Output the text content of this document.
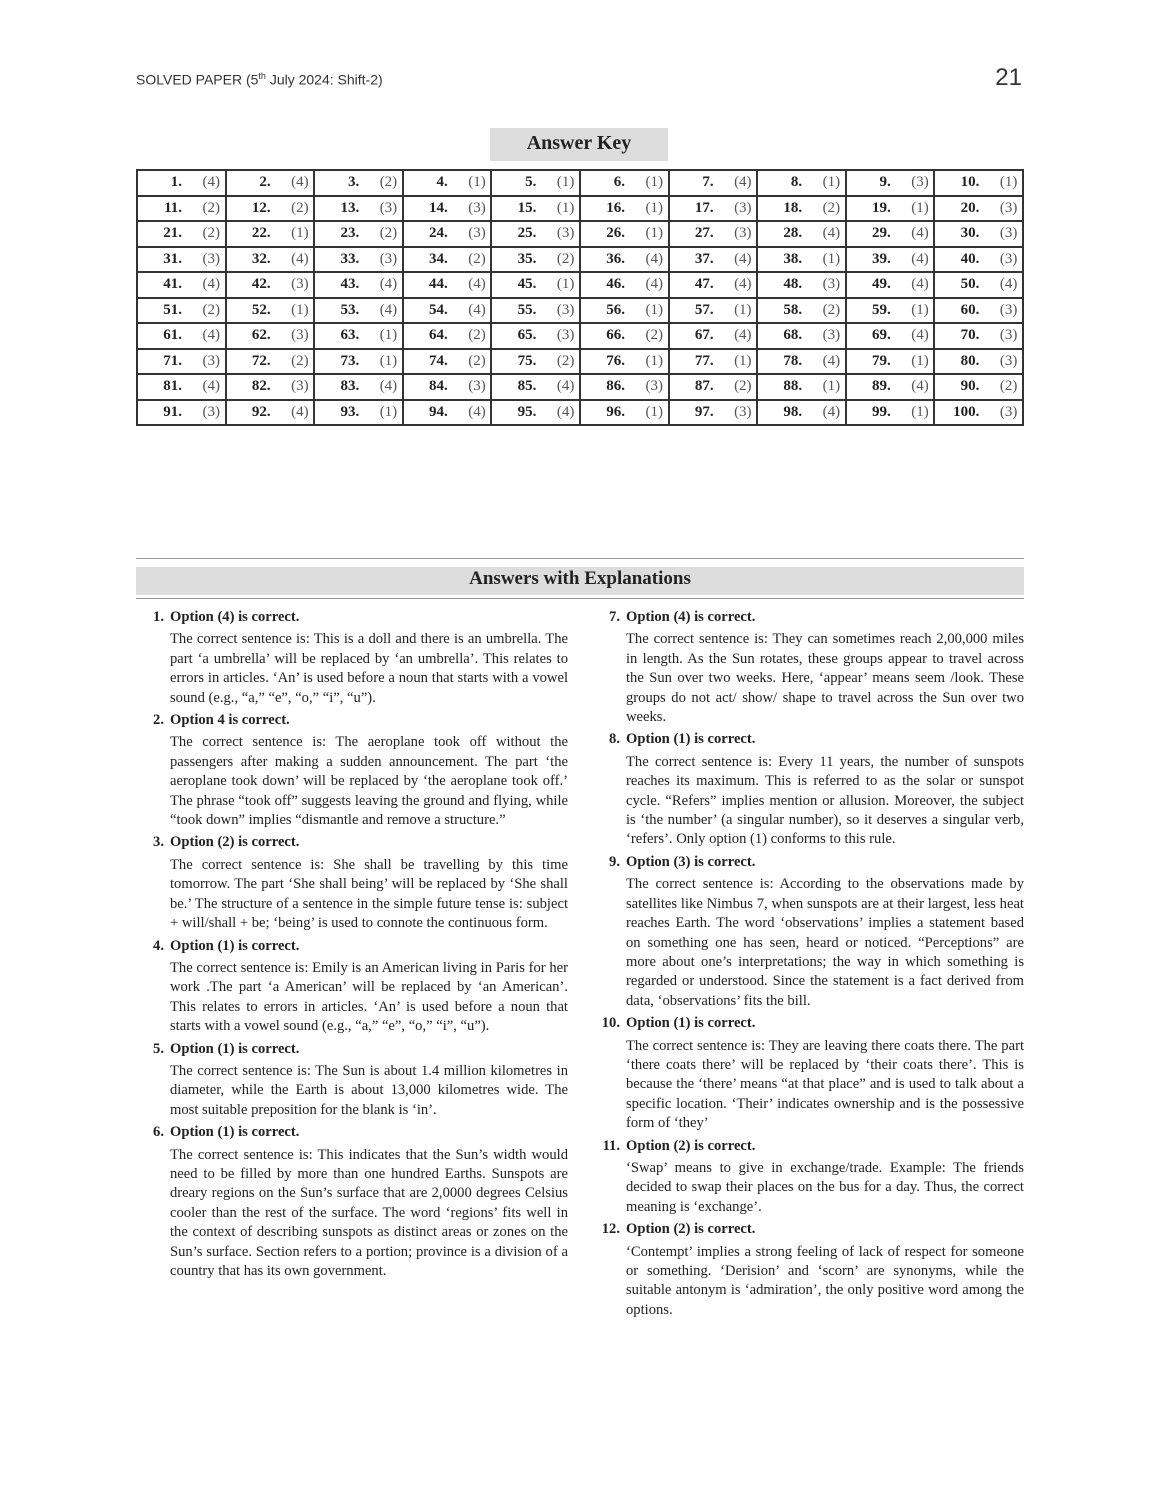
SOLVED PAPER (5th July 2024: Shift-2)	21
Answer Key
1. (4)	2. (4)	3. (2)	4. (1)	5. (1)	6. (1)	7. (4)	8. (1)	9. (3)	10. (1)
11. (2)	12. (2)	13. (3)	14. (3)	15. (1)	16. (1)	17. (3)	18. (2)	19. (1)	20. (3)
21. (2)	22. (1)	23. (2)	24. (3)	25. (3)	26. (1)	27. (3)	28. (4)	29. (4)	30. (3)
31. (3)	32. (4)	33. (3)	34. (2)	35. (2)	36. (4)	37. (4)	38. (1)	39. (4)	40. (3)
41. (4)	42. (3)	43. (4)	44. (4)	45. (1)	46. (4)	47. (4)	48. (3)	49. (4)	50. (4)
51. (2)	52. (1)	53. (4)	54. (4)	55. (3)	56. (1)	57. (1)	58. (2)	59. (1)	60. (3)
61. (4)	62. (3)	63. (1)	64. (2)	65. (3)	66. (2)	67. (4)	68. (3)	69. (4)	70. (3)
71. (3)	72. (2)	73. (1)	74. (2)	75. (2)	76. (1)	77. (1)	78. (4)	79. (1)	80. (3)
81. (4)	82. (3)	83. (4)	84. (3)	85. (4)	86. (3)	87. (2)	88. (1)	89. (4)	90. (2)
91. (3)	92. (4)	93. (1)	94. (4)	95. (4)	96. (1)	97. (3)	98. (4)	99. (1)	100. (3)
Answers with Explanations
1. Option (4) is correct.

The correct sentence is: This is a doll and there is an umbrella. The part ‘a umbrella’ will be replaced by ‘an umbrella’. This relates to errors in articles. ‘An’ is used before a noun that starts with a vowel sound (e.g., “a,” “e”, “o,” “i”, “u”).

2. Option 4 is correct.

The correct sentence is: The aeroplane took off without the passengers after making a sudden announcement. The part ‘the aeroplane took down’ will be replaced by ‘the aeroplane took off.’ The phrase “took off” suggests leaving the ground and flying, while “took down” implies “dismantle and remove a structure.”

3. Option (2) is correct.

The correct sentence is: She shall be travelling by this time tomorrow. The part ‘She shall being’ will be replaced by ‘She shall be.’ The structure of a sentence in the simple future tense is: subject + will/shall + be; ‘being’ is used to connote the continuous form.

4. Option (1) is correct.

The correct sentence is: Emily is an American living in Paris for her work .The part ‘a American’ will be replaced by ‘an American’. This relates to errors in articles. ‘An’ is used before a noun that starts with a vowel sound (e.g., “a,” “e”, “o,” “i”, “u”).

5. Option (1) is correct.

The correct sentence is: The Sun is about 1.4 million kilometres in diameter, while the Earth is about 13,000 kilometres wide. The most suitable preposition for the blank is ‘in’.

6. Option (1) is correct.

The correct sentence is: This indicates that the Sun’s width would need to be filled by more than one hundred Earths. Sunspots are dreary regions on the Sun’s surface that are 2,0000 degrees Celsius cooler than the rest of the surface. The word ‘regions’ fits well in the context of describing sunspots as distinct areas or zones on the Sun’s surface. Section refers to a portion; province is a division of a country that has its own government.

7. Option (4) is correct.

The correct sentence is: They can sometimes reach 2,00,000 miles in length. As the Sun rotates, these groups appear to travel across the Sun over two weeks. Here, ‘appear’ means seem /look. These groups do not act/ show/ shape to travel across the Sun over two weeks.

8. Option (1) is correct.

The correct sentence is: Every 11 years, the number of sunspots reaches its maximum. This is referred to as the solar or sunspot cycle. “Refers” implies mention or allusion. Moreover, the subject is ‘the number’ (a singular number), so it deserves a singular verb, ‘refers’. Only option (1) conforms to this rule.

9. Option (3) is correct.

The correct sentence is: According to the observations made by satellites like Nimbus 7, when sunspots are at their largest, less heat reaches Earth. The word ‘observations’ implies a statement based on something one has seen, heard or noticed. “Perceptions” are more about one’s interpretations; the way in which something is regarded or understood. Since the statement is a fact derived from data, ‘observations’ fits the bill.

10. Option (1) is correct.

The correct sentence is: They are leaving there coats there. The part ‘there coats there’ will be replaced by ‘their coats there’. This is because the ‘there’ means “at that place” and is used to talk about a specific location. ‘Their’ indicates ownership and is the possessive form of ‘they’

11. Option (2) is correct.

‘Swap’ means to give in exchange/trade. Example: The friends decided to swap their places on the bus for a day. Thus, the correct meaning is ‘exchange’.

12. Option (2) is correct.

‘Contempt’ implies a strong feeling of lack of respect for someone or something. ‘Derision’ and ‘scorn’ are synonyms, while the suitable antonym is ‘admiration’, the only positive word among the options.
